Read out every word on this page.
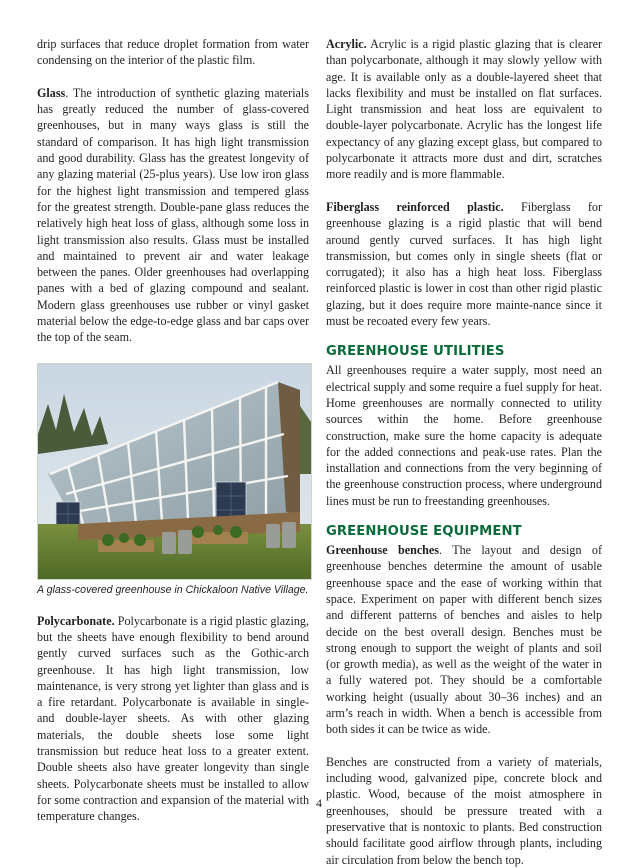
drip surfaces that reduce droplet formation from water condensing on the interior of the plastic film.

Glass. The introduction of synthetic glazing materials has greatly reduced the number of glass-covered greenhouses, but in many ways glass is still the standard of comparison. It has high light transmission and good durability. Glass has the greatest longevity of any glazing material (25-plus years). Use low iron glass for the highest light transmission and tempered glass for the greatest strength. Double-pane glass reduces the relatively high heat loss of glass, although some loss in light transmission also results. Glass must be installed and maintained to prevent air and water leakage between the panes. Older greenhouses had overlapping panes with a bed of glazing compound and sealant. Modern glass greenhouses use rubber or vinyl gasket material below the edge-to-edge glass and bar caps over the top of the seam.

A glass-covered greenhouse in Chickaloon Native Village.

Polycarbonate. Polycarbonate is a rigid plastic glazing, but the sheets have enough flexibility to bend around gently curved surfaces such as the Gothic-arch greenhouse. It has high light transmission, low maintenance, is very strong yet lighter than glass and is a fire retardant. Polycarbonate is available in single- and double-layer sheets. As with other glazing materials, the double sheets lose some light transmission but reduce heat loss to a greater extent. Double sheets also have greater longevity than single sheets. Polycarbonate sheets must be installed to allow for some contraction and expansion of the material with temperature changes.

Acrylic. Acrylic is a rigid plastic glazing that is clearer than polycarbonate, although it may slowly yellow with age. It is available only as a double-layered sheet that lacks flexibility and must be installed on flat surfaces. Light transmission and heat loss are equivalent to double-layer polycarbonate. Acrylic has the longest life expectancy of any glazing except glass, but compared to polycarbonate it attracts more dust and dirt, scratches more readily and is more flammable.

Fiberglass reinforced plastic. Fiberglass for greenhouse glazing is a rigid plastic that will bend around gently curved surfaces. It has high light transmission, but comes only in single sheets (flat or corrugated); it also has a high heat loss. Fiberglass reinforced plastic is lower in cost than other rigid plastic glazing, but it does require more mainte-nance since it must be recoated every few years.

GREENHOUSE UTILITIES

All greenhouses require a water supply, most need an electrical supply and some require a fuel supply for heat. Home greenhouses are normally connected to utility sources within the home. Before greenhouse construction, make sure the home capacity is adequate for the added connections and peak-use rates. Plan the installation and connections from the very beginning of the greenhouse construction process, where underground lines must be run to freestanding greenhouses.

GREENHOUSE EQUIPMENT

Greenhouse benches. The layout and design of greenhouse benches determine the amount of usable greenhouse space and the ease of working within that space. Experiment on paper with different bench sizes and different patterns of benches and aisles to help decide on the best overall design. Benches must be strong enough to support the weight of plants and soil (or growth media), as well as the weight of the water in a fully watered pot. They should be a comfortable working height (usually about 30–36 inches) and an arm’s reach in width. When a bench is accessible from both sides it can be twice as wide.

Benches are constructed from a variety of materials, including wood, galvanized pipe, concrete block and plastic. Wood, because of the moist atmosphere in greenhouses, should be pressure treated with a preservative that is nontoxic to plants. Bed construction should facilitate good airflow through plants, including air circulation from below the bench top.

4
